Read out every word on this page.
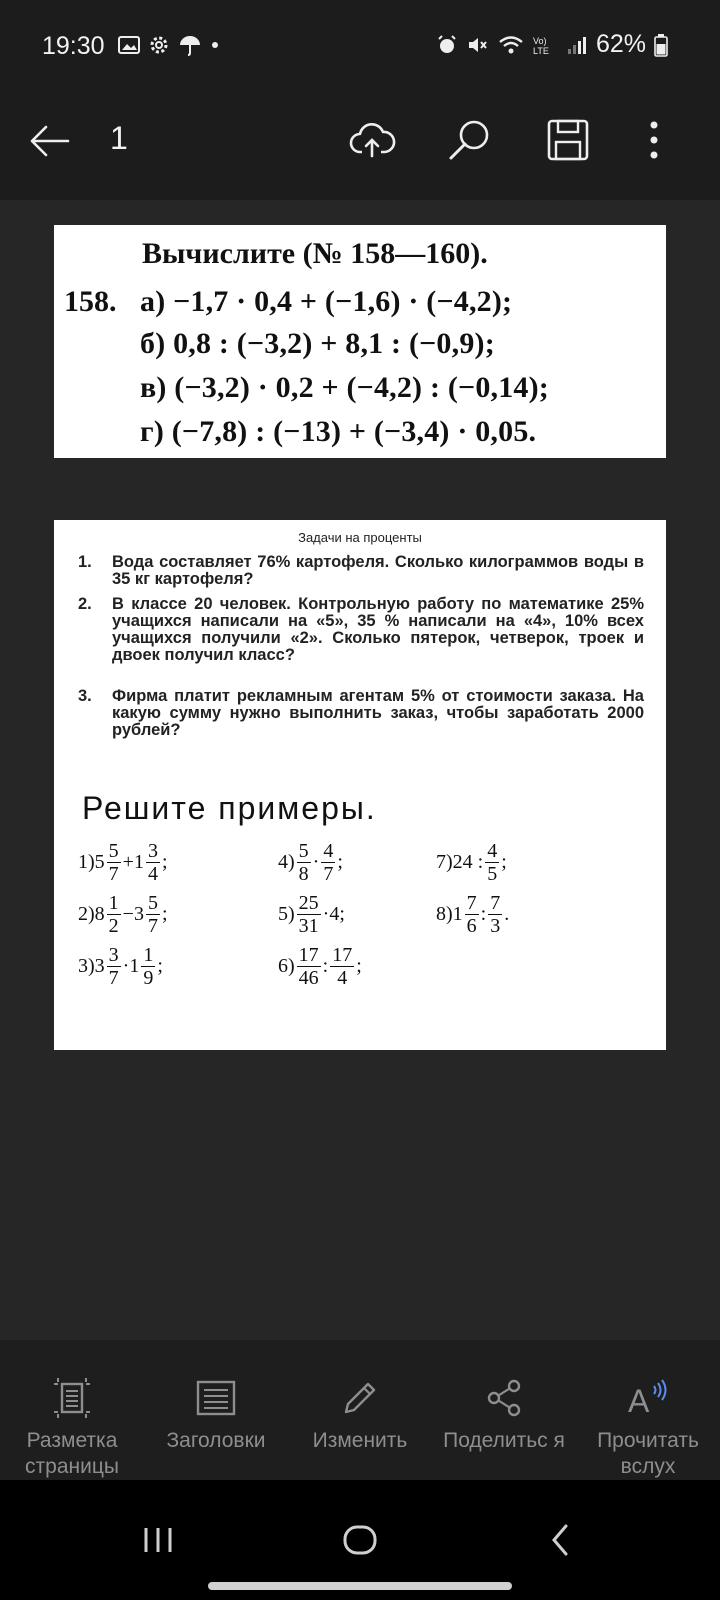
19:30	Vo)
LTE 62%
1
Вычислите (№ 158—160).
158. а) −1,7 · 0,4 + (−1,6) · (−4,2);
б) 0,8 : (−3,2) + 8,1 : (−0,9);
в) (−3,2) · 0,2 + (−4,2) : (−0,14);
г) (−7,8) : (−13) + (−3,4) · 0,05.
Задачи на проценты
1. Вода составляет 76% картофеля. Сколько килограммов воды в 35 кг картофеля?
2. В классе 20 человек. Контрольную работу по математике 25% учащихся написали на «5», 35 % написали на «4», 10% всех учащихся получили «2». Сколько пятерок, четверок, троек и двоек получил класс?
3. Фирма платит рекламным агентам 5% от стоимости заказа. На какую сумму нужно выполнить заказ, чтобы заработать 2000 рублей?
Решите примеры.
$1)5 \frac{5}{7} +1 \frac{3}{4}$ ;
$2)8 \frac{1}{2} -3 \frac{5}{7}$ ;
$3)3 \frac{3}{7} \cdot 1 \frac{1}{9}$ ;
$4) \frac{5}{8} \cdot \frac{4}{7}$ ;
$5) \frac{25}{31} \cdot 4$;
$6) \frac{17}{46}$ : $\frac{17}{4}$ ;
7)24 : $\frac{4}{5}$ ;
$8)1 \frac{7}{6}$ : $\frac{7}{3}$ .
Разметка страницы
Заголовки	Изменить	Поделитьс я
A
Прочитать вслух
